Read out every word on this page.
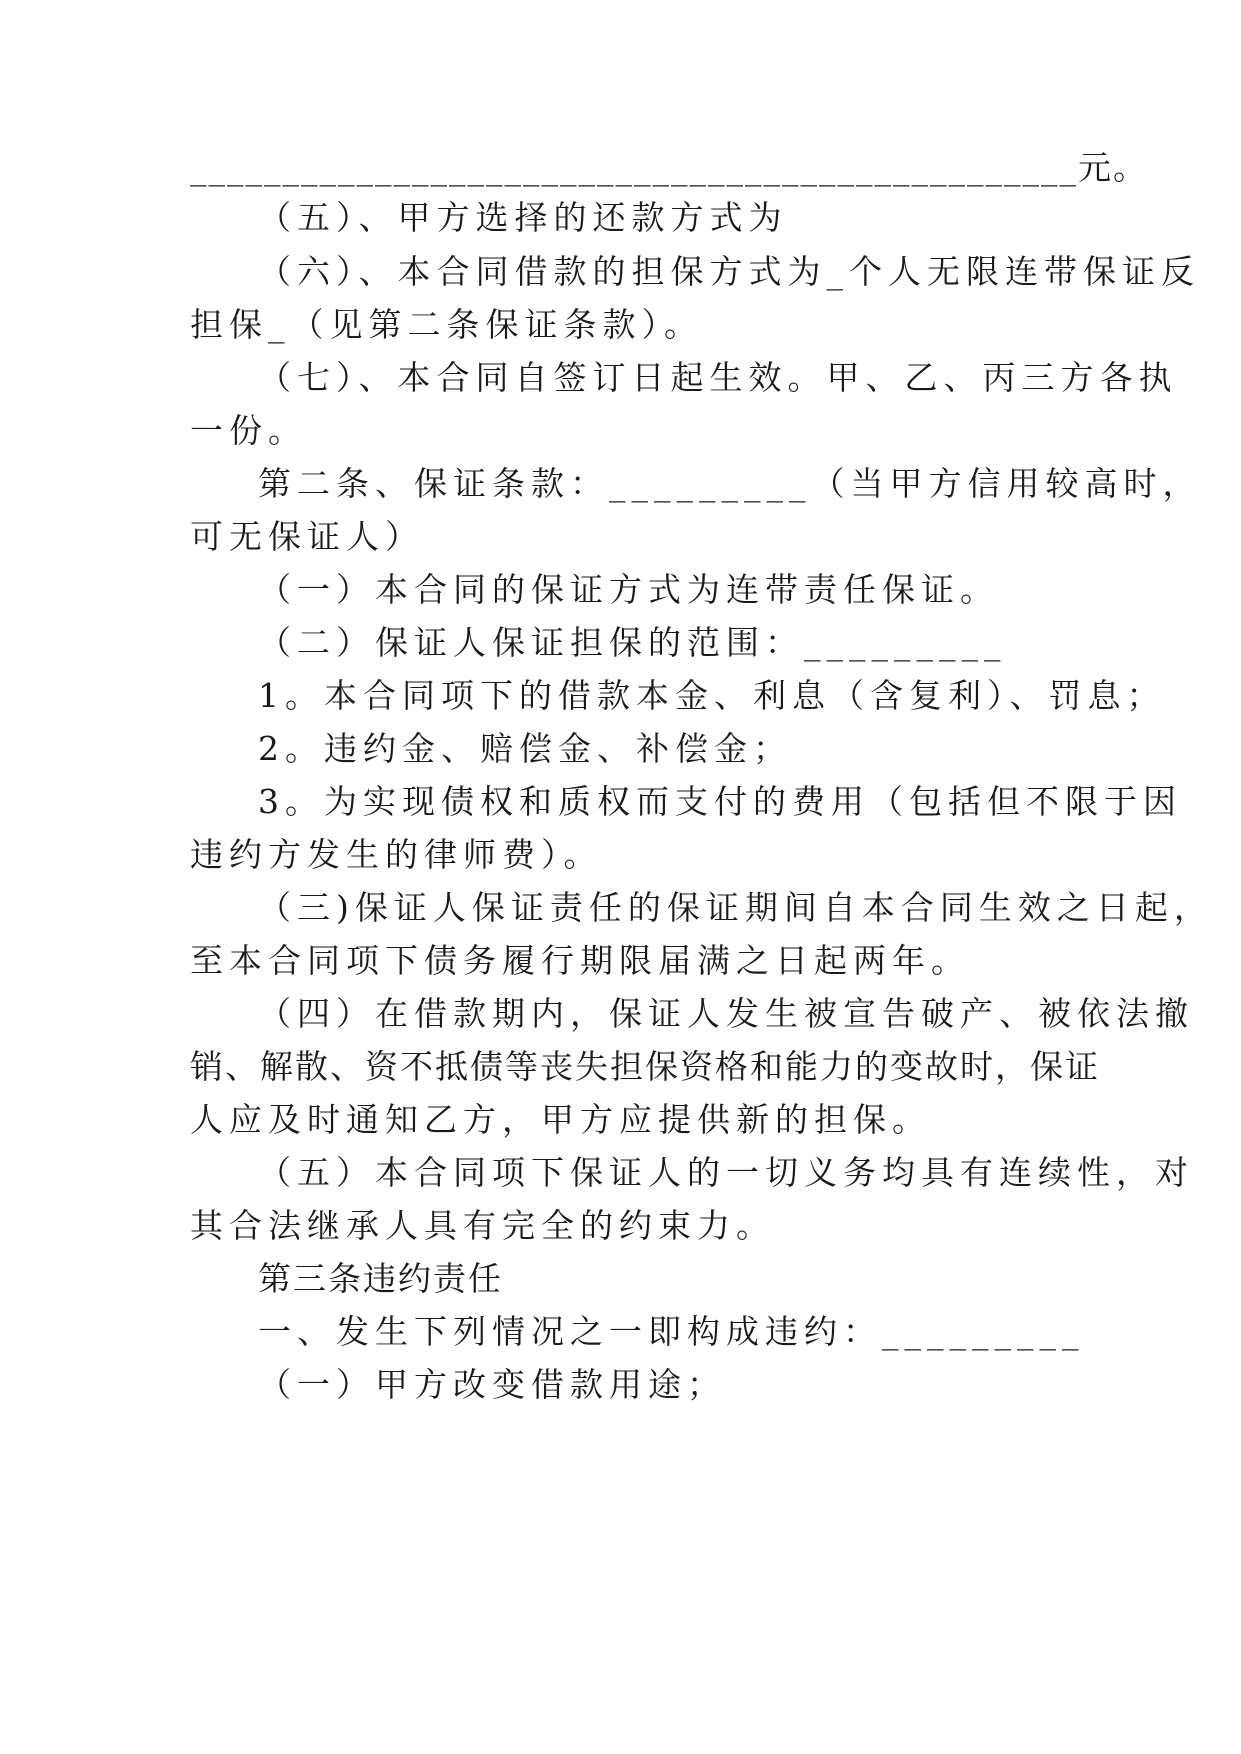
________________________________________________元。
（五）、甲方选择的还款方式为
（六）、本合同借款的担保方式为_个人无限连带保证反
担保_（见第二条保证条款）。
（七）、本合同自签订日起生效。甲、乙、丙三方各执
一份。
第二条、保证条款：_________（当甲方信用较高时，
可无保证人）
（一）本合同的保证方式为连带责任保证。
（二）保证人保证担保的范围：_________
1。本合同项下的借款本金、利息（含复利）、罚息；
2。违约金、赔偿金、补偿金；
3。为实现债权和质权而支付的费用（包括但不限于因
违约方发生的律师费）。
（三)保证人保证责任的保证期间自本合同生效之日起，
至本合同项下债务履行期限届满之日起两年。
（四）在借款期内，保证人发生被宣告破产、被依法撤
销、解散、资不抵债等丧失担保资格和能力的变故时，保证
人应及时通知乙方，甲方应提供新的担保。
（五）本合同项下保证人的一切义务均具有连续性，对
其合法继承人具有完全的约束力。
第三条违约责任
一、发生下列情况之一即构成违约：_________
（一）甲方改变借款用途；
